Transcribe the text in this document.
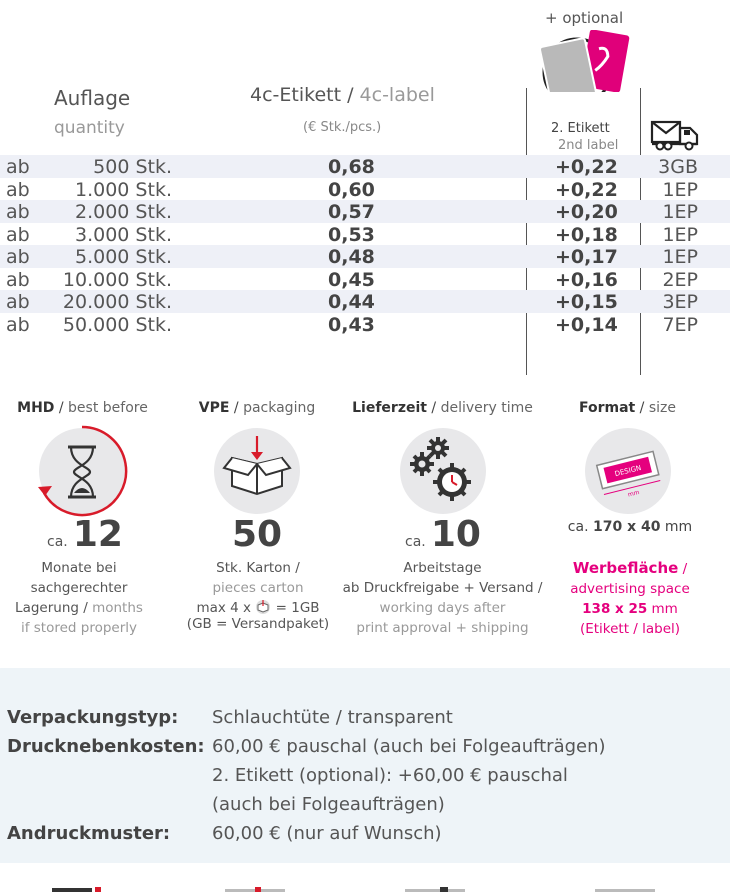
+ optional
Auflage
quantity
4c-Etikett / 4c-label
(€ Stk./pcs.)	2. Etikett
2nd label
ab	500 Stk.	0,68	+0,22 3GB
ab 1.000 Stk.	0,60	+0,22 1EP
ab 2.000 Stk.	0,57	+0,20 1EP
ab 3.000 Stk.	0,53	+0,18 1EP
ab 5.000 Stk.	0,48	+0,17 1EP
ab 10.000 Stk.	0,45	+0,16 2EP
ab 20.000 Stk.	0,44	+0,15 3EP
ab 50.000 Stk.	0,43	+0,14 7EP
MHD / best before	VPE / packaging	Lieferzeit / delivery time	Format / size
DESIGN
mm
ca. 12	50	ca. 10	ca. 170 x 40 mm
Monate bei
sachgerechter
Lagerung / months
if stored properly
Stk. Karton /
pieces carton
max 4 x = 1GB
(GB = Versandpaket)
Arbeitstage
ab Druckfreigabe + Versand /
working days after
print approval + shipping
Werbefläche /
advertising space
138 x 25 mm
(Etikett / label)
Verpackungstyp: Schlauchtüte / transparent
Drucknebenkosten: 60,00 € pauschal (auch bei Folgeaufträgen)
2. Etikett (optional): +60,00 € pauschal
(auch bei Folgeaufträgen)
Andruckmuster: 60,00 € (nur auf Wunsch)
